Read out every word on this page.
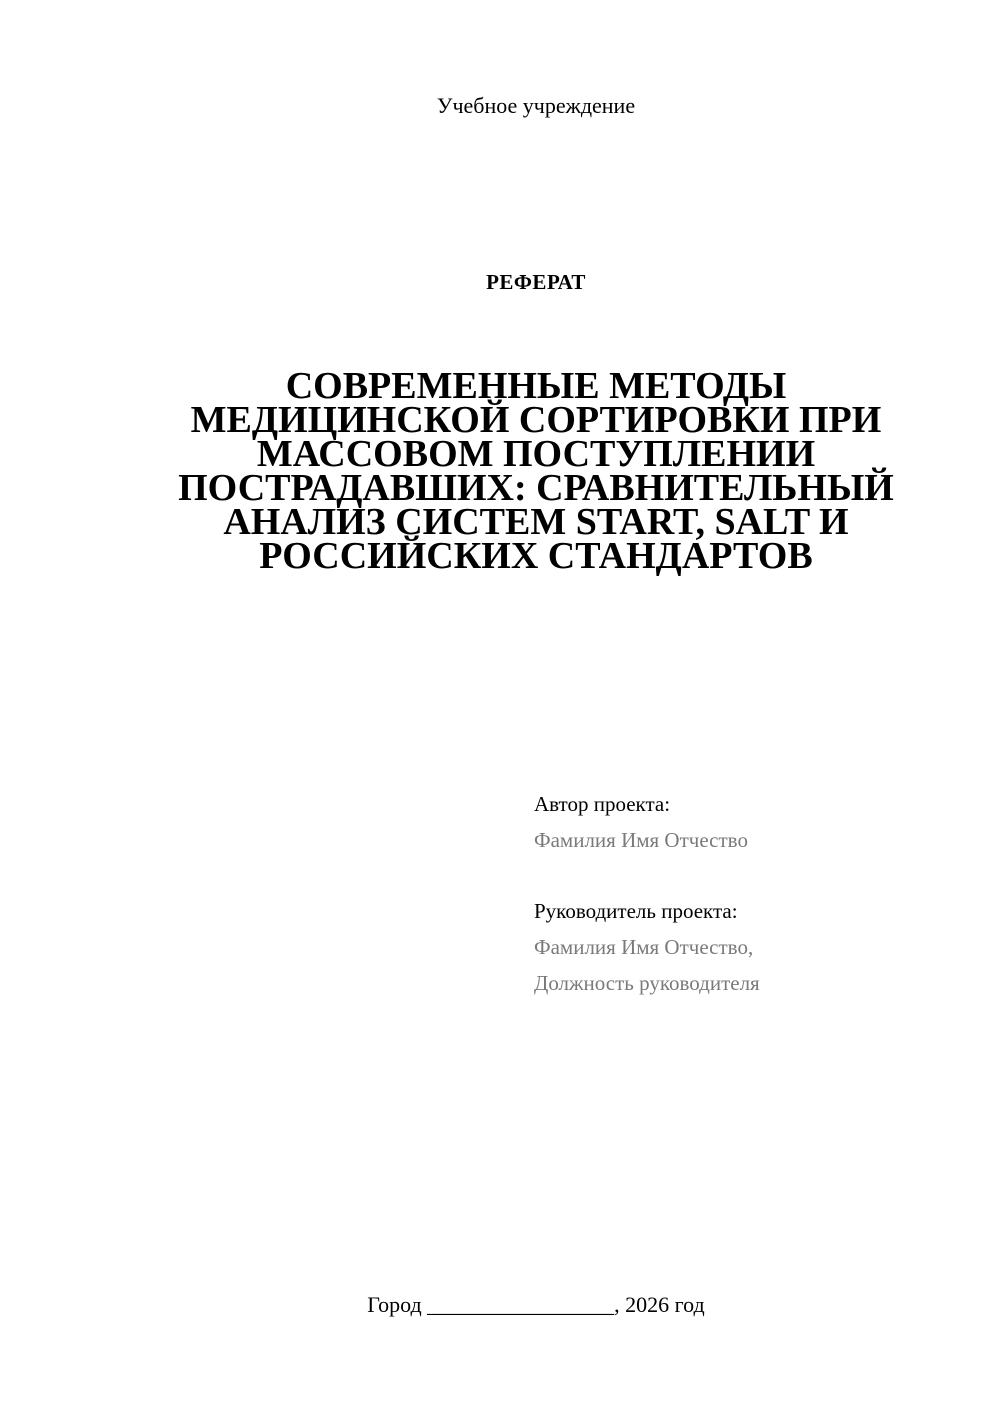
Учебное учреждение
РЕФЕРАТ
СОВРЕМЕННЫЕ МЕТОДЫ
МЕДИЦИНСКОЙ СОРТИРОВКИ ПРИ
МАССОВОМ ПОСТУПЛЕНИИ
ПОСТРАДАВШИХ: СРАВНИТЕЛЬНЫЙ
АНАЛИЗ СИСТЕМ START, SALT И
РОССИЙСКИХ СТАНДАРТОВ
Автор проекта:
Фамилия Имя Отчество
Руководитель проекта:
Фамилия Имя Отчество,
Должность руководителя
Город _________________, 2026 год
